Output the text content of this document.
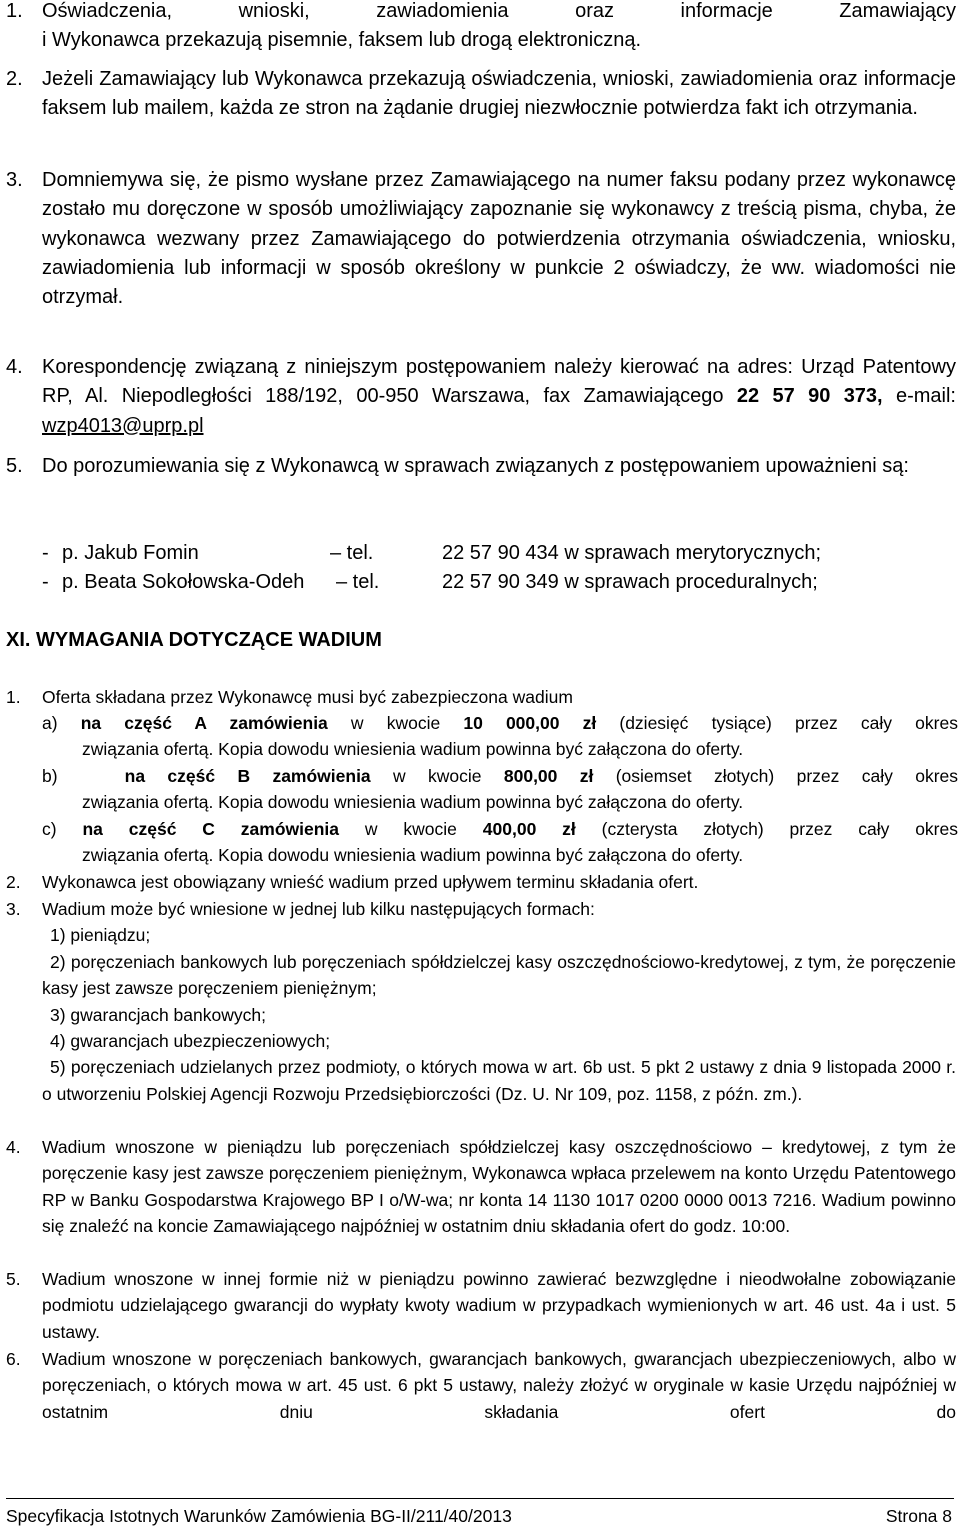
1. Oświadczenia, wnioski, zawiadomienia oraz informacje Zamawiający
i Wykonawca przekazują pisemnie, faksem lub drogą elektroniczną.
2. Jeżeli Zamawiający lub Wykonawca przekazują oświadczenia, wnioski, zawiadomienia oraz informacje faksem lub mailem, każda ze stron na żądanie drugiej niezwłocznie potwierdza fakt ich otrzymania.
3. Domniemywa się, że pismo wysłane przez Zamawiającego na numer faksu podany przez wykonawcę zostało mu doręczone w sposób umożliwiający zapoznanie się wykonawcy z treścią pisma, chyba, że wykonawca wezwany przez Zamawiającego do potwierdzenia otrzymania oświadczenia, wniosku, zawiadomienia lub informacji w sposób określony w punkcie 2 oświadczy, że ww. wiadomości nie otrzymał.
4. Korespondencję związaną z niniejszym postępowaniem należy kierować na adres: Urząd Patentowy RP, Al. Niepodległości 188/192, 00-950 Warszawa, fax Zamawiającego 22 57 90 373, e-mail: wzp4013@uprp.pl
5. Do porozumiewania się z Wykonawcą w sprawach związanych z postępowaniem upoważnieni są:
- p. Jakub Fomin	– tel.	22 57 90 434 w sprawach merytorycznych;
- p. Beata Sokołowska-Odeh – tel.	22 57 90 349 w sprawach proceduralnych;
XI. WYMAGANIA DOTYCZĄCE WADIUM
1. Oferta składana przez Wykonawcę musi być zabezpieczona wadium
a) na część A zamówienia w kwocie 10 000,00 zł (dziesięć tysiące) przez cały okres
związania ofertą. Kopia dowodu wniesienia wadium powinna być załączona do oferty.
b)	na część B zamówienia w kwocie 800,00 zł (osiemset złotych) przez cały okres
związania ofertą. Kopia dowodu wniesienia wadium powinna być załączona do oferty.
c) na część C zamówienia w kwocie 400,00 zł (czterysta złotych) przez cały okres
związania ofertą. Kopia dowodu wniesienia wadium powinna być załączona do oferty.
2. Wykonawca jest obowiązany wnieść wadium przed upływem terminu składania ofert.
3. Wadium może być wniesione w jednej lub kilku następujących formach:
1) pieniądzu;
2) poręczeniach bankowych lub poręczeniach spółdzielczej kasy oszczędnościowo-kredytowej, z tym, że poręczenie kasy jest zawsze poręczeniem pieniężnym;
3) gwarancjach bankowych;
4) gwarancjach ubezpieczeniowych;
5) poręczeniach udzielanych przez podmioty, o których mowa w art. 6b ust. 5 pkt 2 ustawy z dnia 9 listopada 2000 r. o utworzeniu Polskiej Agencji Rozwoju Przedsiębiorczości (Dz. U. Nr 109, poz. 1158, z późn. zm.).
4. Wadium wnoszone w pieniądzu lub poręczeniach spółdzielczej kasy oszczędnościowo – kredytowej, z tym że poręczenie kasy jest zawsze poręczeniem pieniężnym, Wykonawca wpłaca przelewem na konto Urzędu Patentowego RP w Banku Gospodarstwa Krajowego BP I o/W-wa; nr konta 14 1130 1017 0200 0000 0013 7216. Wadium powinno się znaleźć na koncie Zamawiającego najpóźniej w ostatnim dniu składania ofert do godz. 10:00.
5. Wadium wnoszone w innej formie niż w pieniądzu powinno zawierać bezwzględne i nieodwołalne zobowiązanie podmiotu udzielającego gwarancji do wypłaty kwoty wadium w przypadkach wymienionych w art. 46 ust. 4a i ust. 5 ustawy.
6. Wadium wnoszone w poręczeniach bankowych, gwarancjach bankowych, gwarancjach ubezpieczeniowych, albo w poręczeniach, o których mowa w art. 45 ust. 6 pkt 5 ustawy, należy złożyć w oryginale w kasie Urzędu najpóźniej w ostatnim dniu składania ofert do
Specyfikacja Istotnych Warunków Zamówienia BG-II/211/40/2013	Strona 8
